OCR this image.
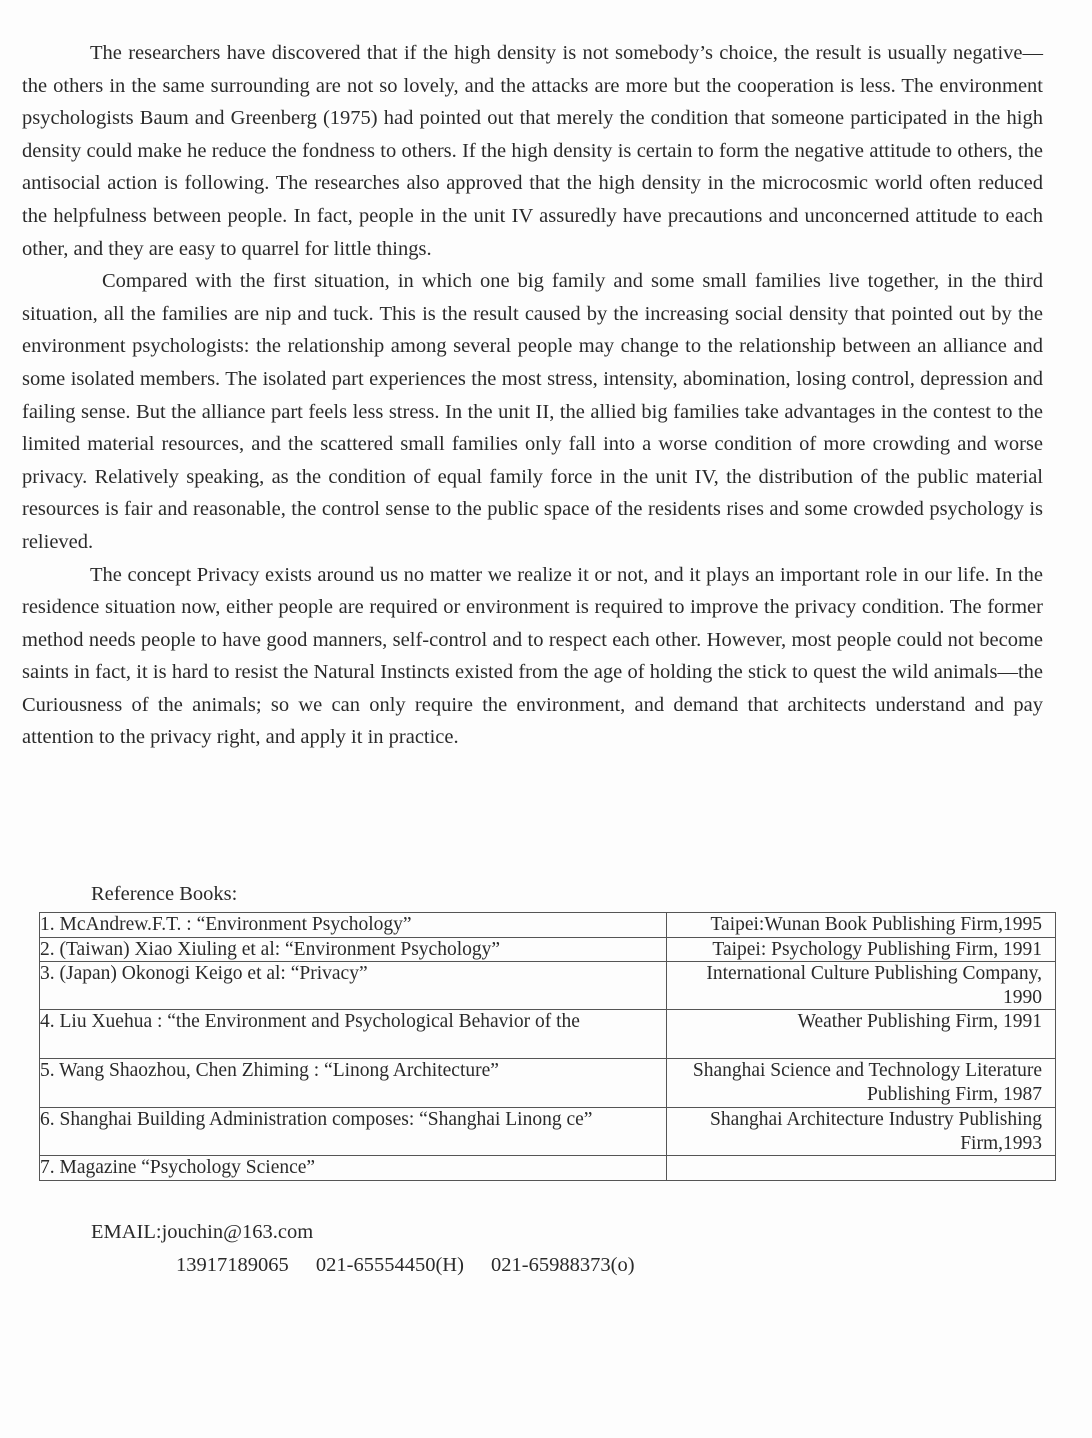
The researchers have discovered that if the high density is not somebody’s choice, the result is usually negative—the others in the same surrounding are not so lovely, and the attacks are more but the cooperation is less. The environment psychologists Baum and Greenberg (1975) had pointed out that merely the condition that someone participated in the high density could make he reduce the fondness to others. If the high density is certain to form the negative attitude to others, the antisocial action is following. The researches also approved that the high density in the microcosmic world often reduced the helpfulness between people. In fact, people in the unit IV assuredly have precautions and unconcerned attitude to each other, and they are easy to quarrel for little things.

Compared with the first situation, in which one big family and some small families live together, in the third situation, all the families are nip and tuck. This is the result caused by the increasing social density that pointed out by the environment psychologists: the relationship among several people may change to the relationship between an alliance and some isolated members. The isolated part experiences the most stress, intensity, abomination, losing control, depression and failing sense. But the alliance part feels less stress. In the unit II, the allied big families take advantages in the contest to the limited material resources, and the scattered small families only fall into a worse condition of more crowding and worse privacy. Relatively speaking, as the condition of equal family force in the unit IV, the distribution of the public material resources is fair and reasonable, the control sense to the public space of the residents rises and some crowded psychology is relieved.

The concept Privacy exists around us no matter we realize it or not, and it plays an important role in our life. In the residence situation now, either people are required or environment is required to improve the privacy condition. The former method needs people to have good manners, self-control and to respect each other. However, most people could not become saints in fact, it is hard to resist the Natural Instincts existed from the age of holding the stick to quest the wild animals—the Curiousness of the animals; so we can only require the environment, and demand that architects understand and pay attention to the privacy right, and apply it in practice.

Reference Books:
1. McAndrew.F.T. : “Environment Psychology”	Taipei:Wunan Book Publishing Firm,1995
2. (Taiwan) Xiao Xiuling et al: “Environment Psychology”	Taipei: Psychology Publishing Firm, 1991
3. (Japan) Okonogi Keigo et al: “Privacy”	International Culture Publishing Company, 1990
4. Liu Xuehua : “the Environment and Psychological Behavior of the	Weather Publishing Firm, 1991
5. Wang Shaozhou, Chen Zhiming : “Linong Architecture”	Shanghai Science and Technology Literature Publishing Firm, 1987
6. Shanghai Building Administration composes: “Shanghai Linong ce”	Shanghai Architecture Industry Publishing Firm,1993
7. Magazine “Psychology Science”	
EMAIL:jouchin@163.com
13917189065 021-65554450(H) 021-65988373(o)
